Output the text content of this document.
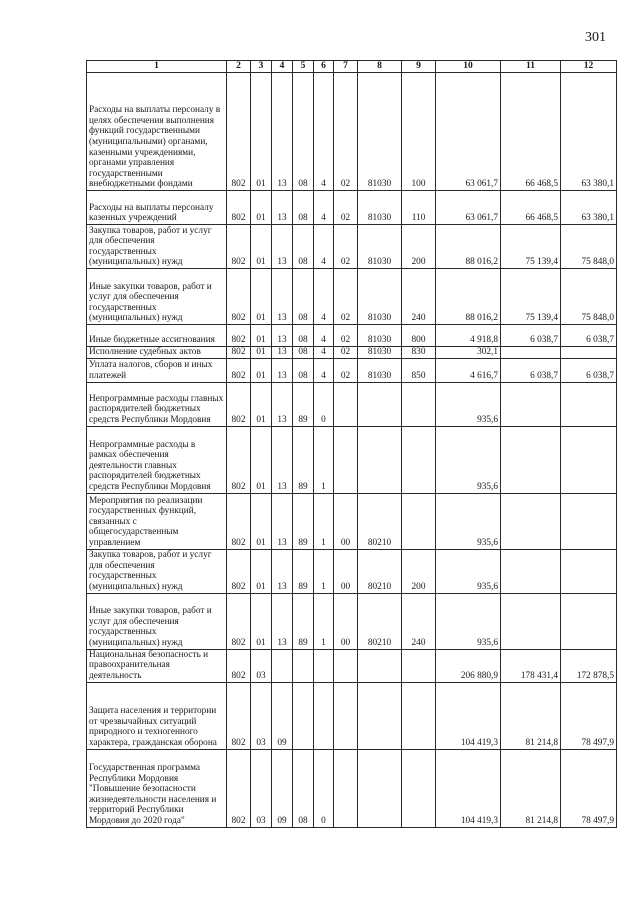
301
1	2	3	4	5	6	7	8	9	10	11	12
Расходы на выплаты персоналу в целях обеспечения выполнения функций государственными (муниципальными) органами, казенными учреждениями, органами управления государственными внебюджетными фондами	802	01	13	08	4	02	81030	100	63 061,7	66 468,5	63 380,1
Расходы на выплаты персоналу казенных учреждений	802	01	13	08	4	02	81030	110	63 061,7	66 468,5	63 380,1
Закупка товаров, работ и услуг для обеспечения государственных (муниципальных) нужд	802	01	13	08	4	02	81030	200	88 016,2	75 139,4	75 848,0
Иные закупки товаров, работ и услуг для обеспечения государственных (муниципальных) нужд	802	01	13	08	4	02	81030	240	88 016,2	75 139,4	75 848,0
Иные бюджетные ассигнования	802	01	13	08	4	02	81030	800	4 918,8	6 038,7	6 038,7
Исполнение судебных актов	802	01	13	08	4	02	81030	830	302,1		
Уплата налогов, сборов и иных платежей	802	01	13	08	4	02	81030	850	4 616,7	6 038,7	6 038,7
Непрограммные расходы главных распорядителей бюджетных средств Республики Мордовия	802	01	13	89	0				935,6		
Непрограммные расходы в рамках обеспечения деятельности главных распорядителей бюджетных средств Республики Мордовия	802	01	13	89	1				935,6		
Мероприятия по реализации государственных функций, связанных с общегосударственным управлением	802	01	13	89	1	00	80210		935,6		
Закупка товаров, работ и услуг для обеспечения государственных (муниципальных) нужд	802	01	13	89	1	00	80210	200	935,6		
Иные закупки товаров, работ и услуг для обеспечения государственных (муниципальных) нужд	802	01	13	89	1	00	80210	240	935,6		
Национальная безопасность и правоохранительная деятельность	802	03							206 880,9	178 431,4	172 878,5
Защита населения и территории от чрезвычайных ситуаций природного и техногенного характера, гражданская оборона	802	03	09						104 419,3	81 214,8	78 497,9
Государственная программа Республики Мордовия "Повышение безопасности жизнедеятельности населения и территорий Республики Мордовия до 2020 года"	802	03	09	08	0				104 419,3	81 214,8	78 497,9
